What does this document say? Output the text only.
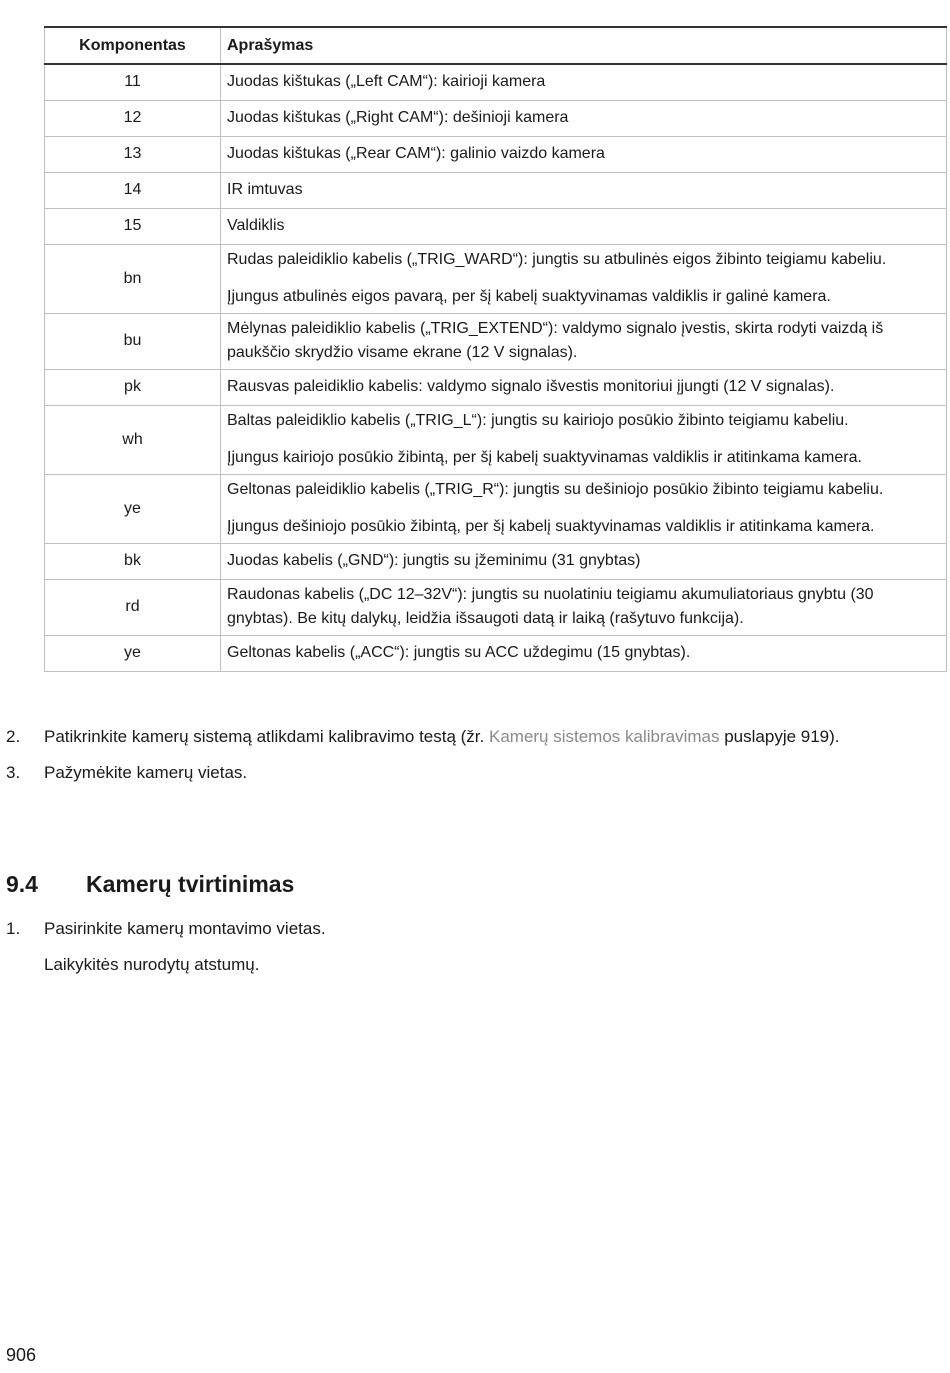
Komponentas	Aprašymas
11	Juodas kištukas („Left CAM“): kairioji kamera

12	Juodas kištukas („Right CAM“): dešinioji kamera

13	Juodas kištukas („Rear CAM“): galinio vaizdo kamera

14	IR imtuvas

15	Valdiklis

bn	Rudas paleidiklio kabelis („TRIG_WARD“): jungtis su atbulinės eigos žibinto teigiamu kabeliu.

Įjungus atbulinės eigos pavarą, per šį kabelį suaktyvinamas valdiklis ir galinė kamera.

bu	Mėlynas paleidiklio kabelis („TRIG_EXTEND“): valdymo signalo įvestis, skirta rodyti vaizdą iš paukščio skrydžio visame ekrane (12 V signalas).

pk	Rausvas paleidiklio kabelis: valdymo signalo išvestis monitoriui įjungti (12 V signalas).

wh	Baltas paleidiklio kabelis („TRIG_L“): jungtis su kairiojo posūkio žibinto teigiamu kabeliu.

Įjungus kairiojo posūkio žibintą, per šį kabelį suaktyvinamas valdiklis ir atitinkama kamera.

ye	Geltonas paleidiklio kabelis („TRIG_R“): jungtis su dešiniojo posūkio žibinto teigiamu kabeliu.

Įjungus dešiniojo posūkio žibintą, per šį kabelį suaktyvinamas valdiklis ir atitinkama kamera.

bk	Juodas kabelis („GND“): jungtis su įžeminimu (31 gnybtas)

rd	Raudonas kabelis („DC 12–32V“): jungtis su nuolatiniu teigiamu akumuliatoriaus gnybtu (30 gnybtas). Be kitų dalykų, leidžia išsaugoti datą ir laiką (rašytuvo funkcija).

ye	Geltonas kabelis („ACC“): jungtis su ACC uždegimu (15 gnybtas).

2. Patikrinkite kamerų sistemą atlikdami kalibravimo testą (žr. Kamerų sistemos kalibravimas puslapyje 919).
3. Pažymėkite kamerų vietas.
9.4 Kamerų tvirtinimas
1. Pasirinkite kamerų montavimo vietas.
Laikykitės nurodytų atstumų.
906
